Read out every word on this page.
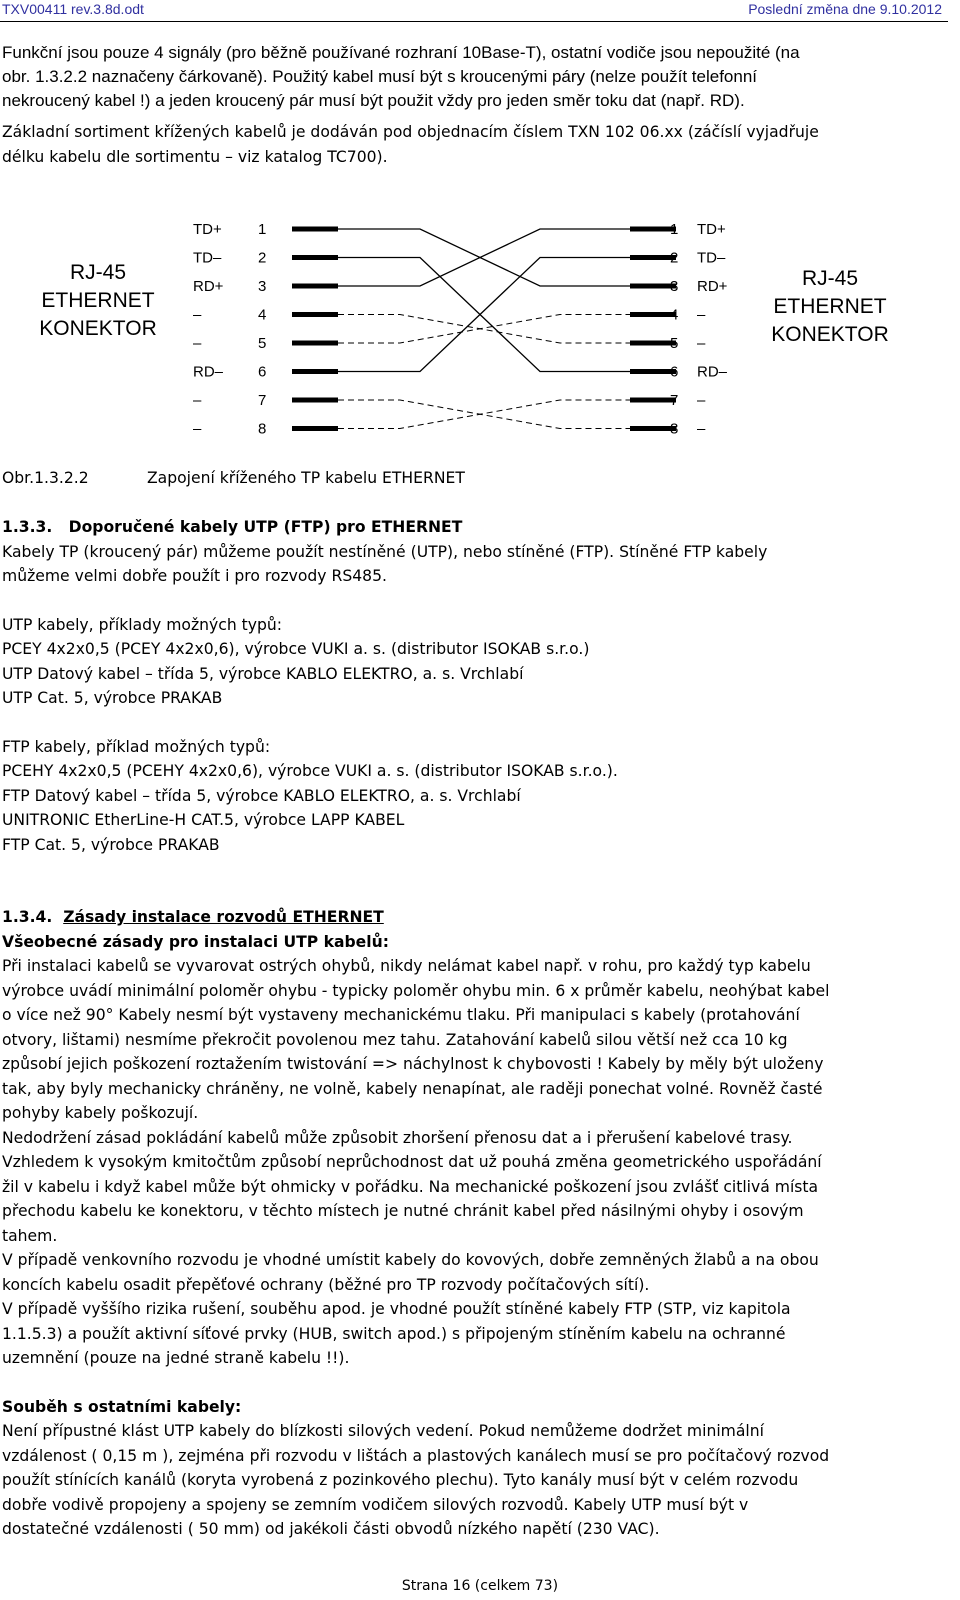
TXV00411 rev.3.8d.odt	Poslední změna dne 9.10.2012
Funkční jsou pouze 4 signály (pro běžně používané rozhraní 10Base-T), ostatní vodiče jsou nepoužité (na
obr. 1.3.2.2 naznačeny čárkovaně). Použitý kabel musí být s kroucenými páry (nelze použít telefonní
nekroucený kabel !) a jeden kroucený pár musí být použit vždy pro jeden směr toku dat (např. RD).
Základní sortiment křížených kabelů je dodáván pod objednacím číslem TXN 102 06.xx (záčíslí vyjadřuje
délku kabelu dle sortimentu – viz katalog TC700).
RJ-45
ETHERNET
KONEKTOR
RJ-45
ETHERNET
KONEKTOR
TD+ 1	1 TD+
TD– 2	2 TD–
RD+ 3	3 RD+
–	4	4 –
–	5	5 –
RD– 6	6 RD–
–	7	7 –
–	8	8 –
Obr.1.3.2.2	Zapojení kříženého TP kabelu ETHERNET
1.3.3. Doporučené kabely UTP (FTP) pro ETHERNET
Kabely TP (kroucený pár) můžeme použít nestíněné (UTP), nebo stíněné (FTP). Stíněné FTP kabely
můžeme velmi dobře použít i pro rozvody RS485.
UTP kabely, příklady možných typů:
PCEY 4x2x0,5 (PCEY 4x2x0,6), výrobce VUKI a. s. (distributor ISOKAB s.r.o.)
UTP Datový kabel – třída 5, výrobce KABLO ELEKTRO, a. s. Vrchlabí
UTP Cat. 5, výrobce PRAKAB
FTP kabely, příklad možných typů:
PCEHY 4x2x0,5 (PCEHY 4x2x0,6), výrobce VUKI a. s. (distributor ISOKAB s.r.o.).
FTP Datový kabel – třída 5, výrobce KABLO ELEKTRO, a. s. Vrchlabí
UNITRONIC EtherLine-H CAT.5, výrobce LAPP KABEL
FTP Cat. 5, výrobce PRAKAB
1.3.4. Zásady instalace rozvodů ETHERNET
Všeobecné zásady pro instalaci UTP kabelů:
Při instalaci kabelů se vyvarovat ostrých ohybů, nikdy nelámat kabel např. v rohu, pro každý typ kabelu
výrobce uvádí minimální poloměr ohybu - typicky poloměr ohybu min. 6 x průměr kabelu, neohýbat kabel
o více než 90° Kabely nesmí být vystaveny mechanickému tlaku. Při manipulaci s kabely (protahování
otvory, lištami) nesmíme překročit povolenou mez tahu. Zatahování kabelů silou větší než cca 10 kg
způsobí jejich poškození roztažením twistování => náchylnost k chybovosti ! Kabely by měly být uloženy
tak, aby byly mechanicky chráněny, ne volně, kabely nenapínat, ale raději ponechat volné. Rovněž časté
pohyby kabely poškozují.
Nedodržení zásad pokládání kabelů může způsobit zhoršení přenosu dat a i přerušení kabelové trasy.
Vzhledem k vysokým kmitočtům způsobí neprůchodnost dat už pouhá změna geometrického uspořádání
žil v kabelu i když kabel může být ohmicky v pořádku. Na mechanické poškození jsou zvlášť citlivá místa
přechodu kabelu ke konektoru, v těchto místech je nutné chránit kabel před násilnými ohyby i osovým
tahem.
V případě venkovního rozvodu je vhodné umístit kabely do kovových, dobře zemněných žlabů a na obou
koncích kabelu osadit přepěťové ochrany (běžné pro TP rozvody počítačových sítí).
V případě vyššího rizika rušení, souběhu apod. je vhodné použít stíněné kabely FTP (STP, viz kapitola
1.1.5.3) a použít aktivní síťové prvky (HUB, switch apod.) s připojeným stíněním kabelu na ochranné
uzemnění (pouze na jedné straně kabelu !!).
Souběh s ostatními kabely:
Není přípustné klást UTP kabely do blízkosti silových vedení. Pokud nemůžeme dodržet minimální
vzdálenost ( 0,15 m ), zejména při rozvodu v lištách a plastových kanálech musí se pro počítačový rozvod
použít stínících kanálů (koryta vyrobená z pozinkového plechu). Tyto kanály musí být v celém rozvodu
dobře vodivě propojeny a spojeny se zemním vodičem silových rozvodů. Kabely UTP musí být v
dostatečné vzdálenosti ( 50 mm) od jakékoli části obvodů nízkého napětí (230 VAC).
Strana 16 (celkem 73)
